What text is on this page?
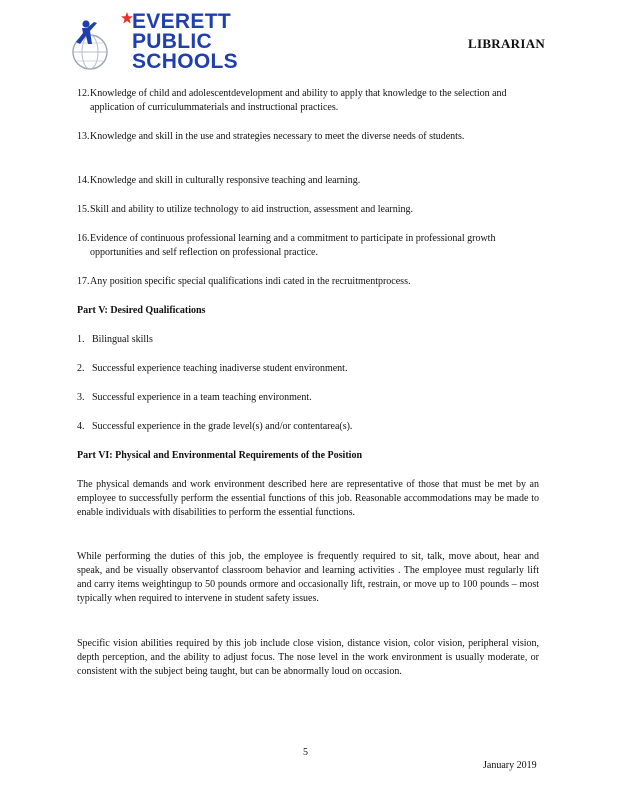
EVERETT
PUBLIC
SCHOOLS
LIBRARIAN
12. Knowledge of child and adolescentdevelopment and ability to apply that knowledge to the selection and application of curriculummaterials and instructional practices.
13. Knowledge and skill in the use and strategies necessary to meet the diverse needs of students.
14. Knowledge and skill in culturally responsive teaching and learning.
15. Skill and ability to utilize technology to aid instruction, assessment and learning.
16. Evidence of continuous professional learning and a commitment to participate in professional growth opportunities and self reflection on professional practice.
17. Any position specific special qualifications indi cated in the recruitmentprocess.
Part V: Desired Qualifications
1. Bilingual skills
2. Successful experience teaching inadiverse student environment.
3. Successful experience in a team teaching environment.
4. Successful experience in the grade level(s) and/or contentarea(s).
Part VI: Physical and Environmental Requirements of the Position
The physical demands and work environment described here are representative of those that must be met by an employee to successfully perform the essential functions of this job. Reasonable accommodations may be made to enable individuals with disabilities to perform the essential functions.
While performing the duties of this job, the employee is frequently required to sit, talk, move about, hear and speak, and be visually observantof classroom behavior and learning activities . The employee must regularly lift and carry items weightingup to 50 pounds ormore and occasionally lift, restrain, or move up to 100 pounds – most typically when required to intervene in student safety issues.
Specific vision abilities required by this job include close vision, distance vision, color vision, peripheral vision, depth perception, and the ability to adjust focus. The nose level in the work environment is usually moderate, or consistent with the subject being taught, but can be abnormally loud on occasion.
5
January 2019
